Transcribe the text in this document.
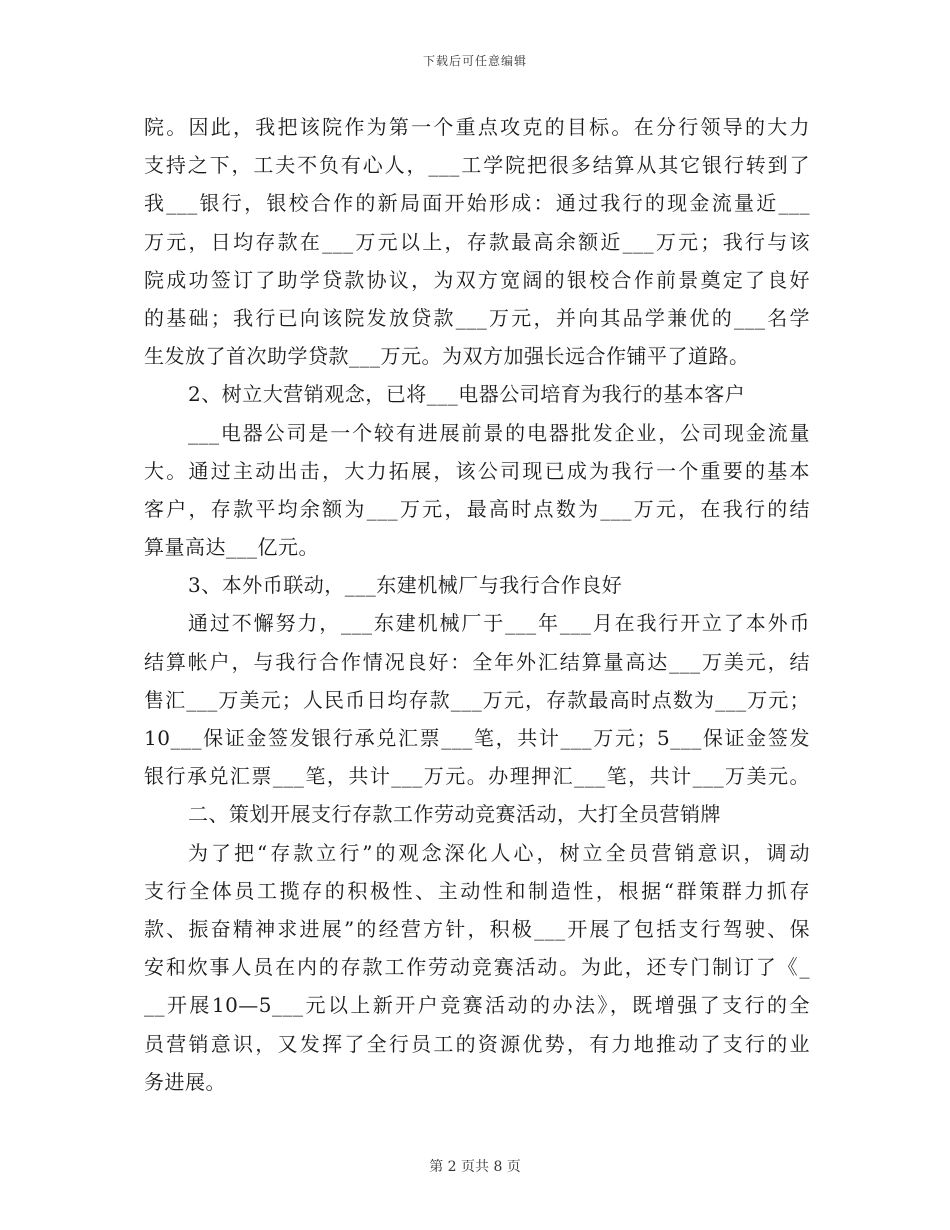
下载后可任意编辑
院。因此，我把该院作为第一个重点攻克的目标。在分行领导的大力
支持之下，工夫不负有心人，___工学院把很多结算从其它银行转到了
我___银行，银校合作的新局面开始形成：通过我行的现金流量近___
万元，日均存款在___万元以上，存款最高余额近___万元；我行与该
院成功签订了助学贷款协议，为双方宽阔的银校合作前景奠定了良好
的基础；我行已向该院发放贷款___万元，并向其品学兼优的___名学
生发放了首次助学贷款___万元。为双方加强长远合作铺平了道路。
2、树立大营销观念，已将___电器公司培育为我行的基本客户
___电器公司是一个较有进展前景的电器批发企业，公司现金流量
大。通过主动出击，大力拓展，该公司现已成为我行一个重要的基本
客户，存款平均余额为___万元，最高时点数为___万元，在我行的结
算量高达___亿元。
3、本外币联动，___东建机械厂与我行合作良好
通过不懈努力，___东建机械厂于___年___月在我行开立了本外币
结算帐户，与我行合作情况良好：全年外汇结算量高达___万美元，结
售汇___万美元；人民币日均存款___万元，存款最高时点数为___万元；
10___保证金签发银行承兑汇票___笔，共计___万元；5___保证金签发
银行承兑汇票___笔，共计___万元。办理押汇___笔，共计___万美元。
二、策划开展支行存款工作劳动竞赛活动，大打全员营销牌
为了把“存款立行”的观念深化人心，树立全员营销意识，调动
支行全体员工揽存的积极性、主动性和制造性，根据“群策群力抓存
款、振奋精神求进展”的经营方针，积极___开展了包括支行驾驶、保
安和炊事人员在内的存款工作劳动竞赛活动。为此，还专门制订了《_
__开展10—5___元以上新开户竞赛活动的办法》，既增强了支行的全
员营销意识，又发挥了全行员工的资源优势，有力地推动了支行的业
务进展。
第 2 页共 8 页
